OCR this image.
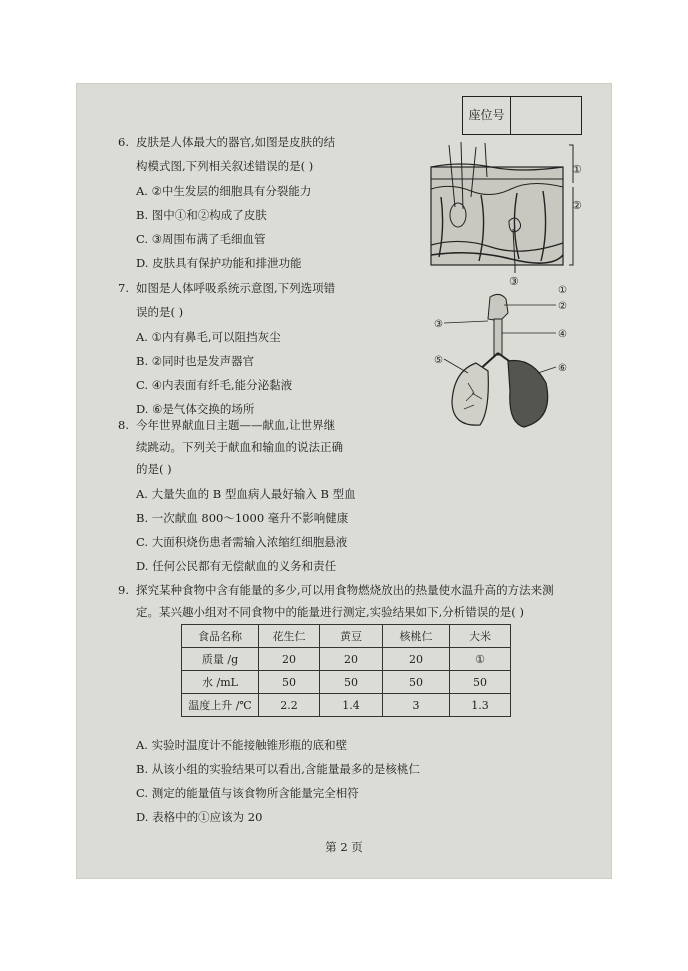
座位号
6. 皮肤是人体最大的器官,如图是皮肤的结
构模式图,下列相关叙述错误的是( )
A. ②中生发层的细胞具有分裂能力
B. 图中①和②构成了皮肤
C. ③周围布满了毛细血管
D. 皮肤具有保护功能和排泄功能
①
②
③
7. 如图是人体呼吸系统示意图,下列选项错
误的是( )
A. ①内有鼻毛,可以阻挡灰尘
B. ②同时也是发声器官
C. ④内表面有纤毛,能分泌黏液
D. ⑥是气体交换的场所
③
②
④
⑤
⑥
①
8. 今年世界献血日主题——献血,让世界继
续跳动。下列关于献血和输血的说法正确
的是( )
A. 大量失血的 B 型血病人最好输入 B 型血
B. 一次献血 800～1000 毫升不影响健康
C. 大面积烧伤患者需输入浓缩红细胞悬液
D. 任何公民都有无偿献血的义务和责任
9. 探究某种食物中含有能量的多少,可以用食物燃烧放出的热量使水温升高的方法来测
定。某兴趣小组对不同食物中的能量进行测定,实验结果如下,分析错误的是( )
食品名称	花生仁	黄豆	核桃仁	大米
质量 /g	20	20	20	①
水 /mL	50	50	50	50
温度上升 /℃	2.2	1.4	3	1.3
A. 实验时温度计不能接触锥形瓶的底和壁
B. 从该小组的实验结果可以看出,含能量最多的是核桃仁
C. 测定的能量值与该食物所含能量完全相符
D. 表格中的①应该为 20
第 2 页
